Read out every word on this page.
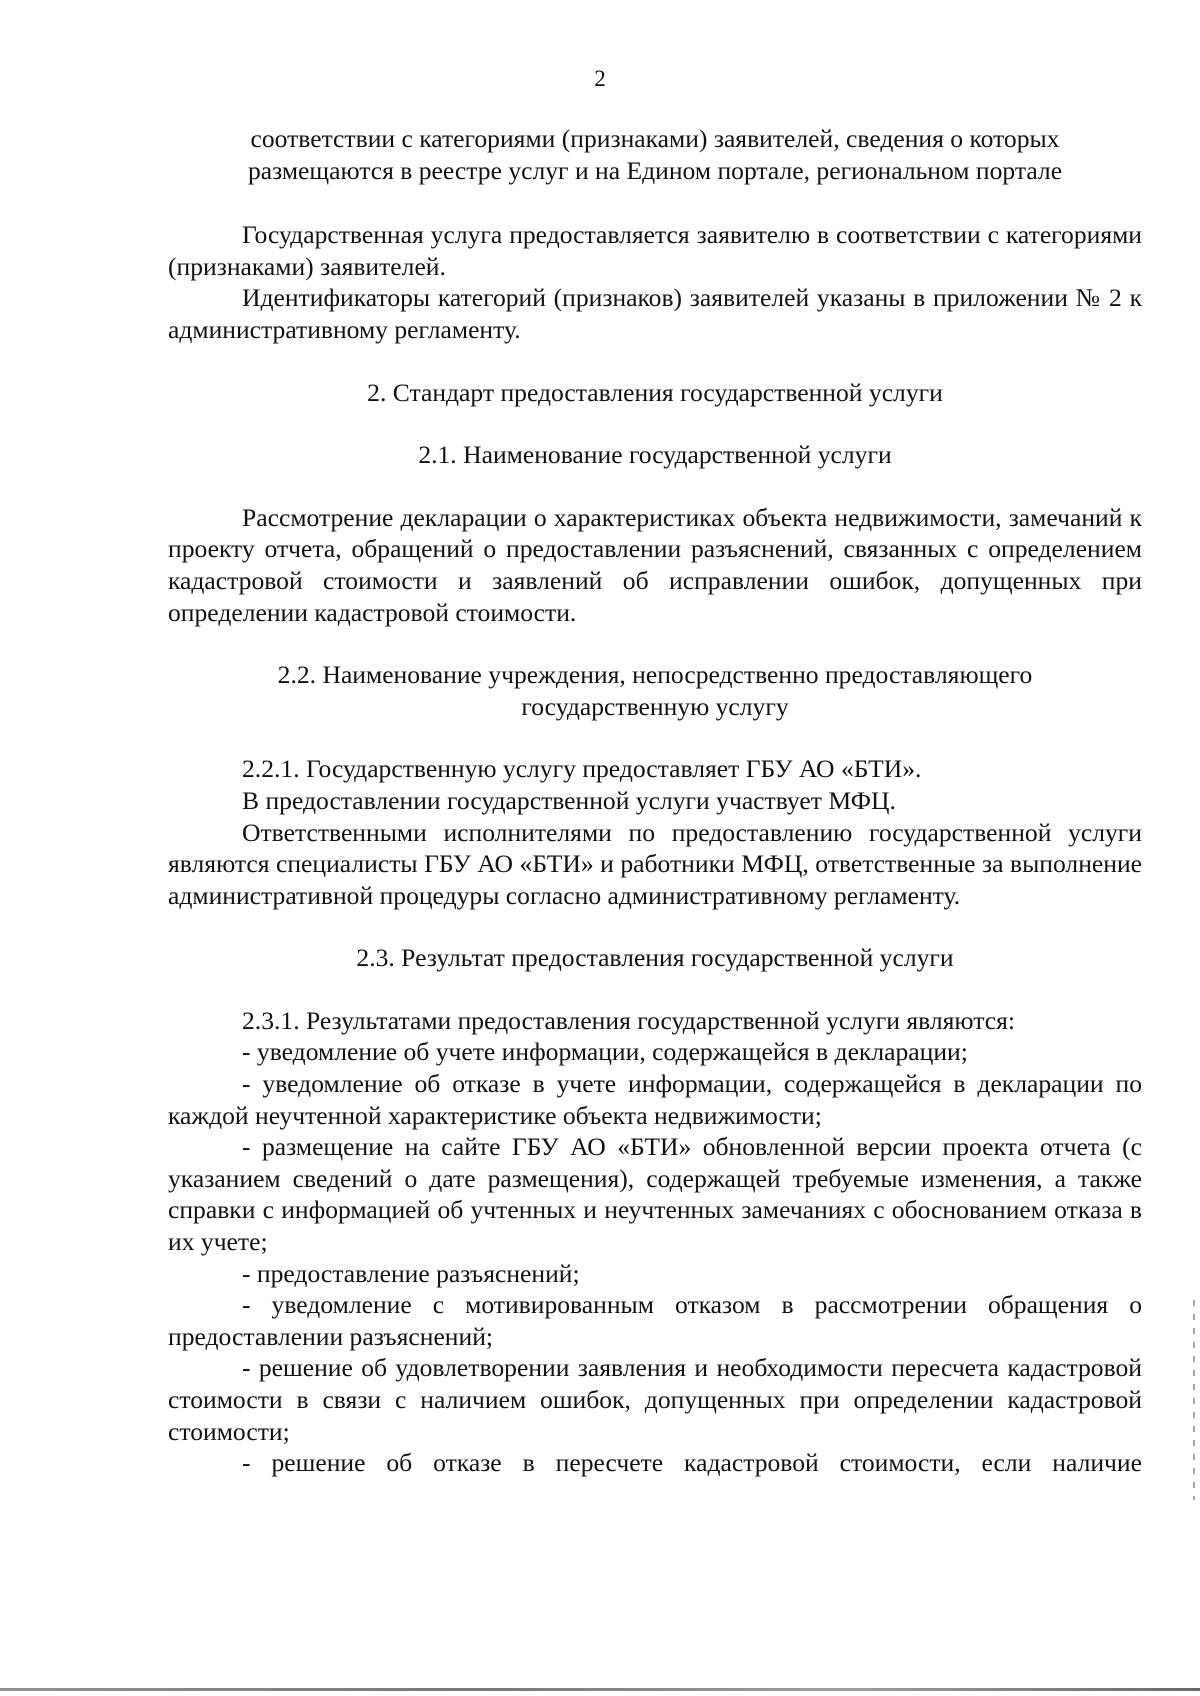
2
соответствии с категориями (признаками) заявителей, сведения о которых
размещаются в реестре услуг и на Едином портале, региональном портале

Государственная услуга предоставляется заявителю в соответствии с категориями (признаками) заявителей.

Идентификаторы категорий (признаков) заявителей указаны в приложении № 2 к административному регламенту.

2. Стандарт предоставления государственной услуги
2.1. Наименование государственной услуги

Рассмотрение декларации о характеристиках объекта недвижимости, замечаний к проекту отчета, обращений о предоставлении разъяснений, связанных с определением кадастровой стоимости и заявлений об исправлении ошибок, допущенных при определении кадастровой стоимости.

2.2. Наименование учреждения, непосредственно предоставляющего
государственную услугу

2.2.1. Государственную услугу предоставляет ГБУ АО «БТИ».

В предоставлении государственной услуги участвует МФЦ.

Ответственными исполнителями по предоставлению государственной услуги являются специалисты ГБУ АО «БТИ» и работники МФЦ, ответственные за выполнение административной процедуры согласно административному регламенту.

2.3. Результат предоставления государственной услуги

2.3.1. Результатами предоставления государственной услуги являются:

- уведомление об учете информации, содержащейся в декларации;

- уведомление об отказе в учете информации, содержащейся в декларации по каждой неучтенной характеристике объекта недвижимости;

- размещение на сайте ГБУ АО «БТИ» обновленной версии проекта отчета (с указанием сведений о дате размещения), содержащей требуемые изменения, а также справки с информацией об учтенных и неучтенных замечаниях с обоснованием отказа в их учете;

- предоставление разъяснений;

- уведомление с мотивированным отказом в рассмотрении обращения о предоставлении разъяснений;

- решение об удовлетворении заявления и необходимости пересчета кадастровой стоимости в связи с наличием ошибок, допущенных при определении кадастровой стоимости;

- решение об отказе в пересчете кадастровой стоимости, если наличие
